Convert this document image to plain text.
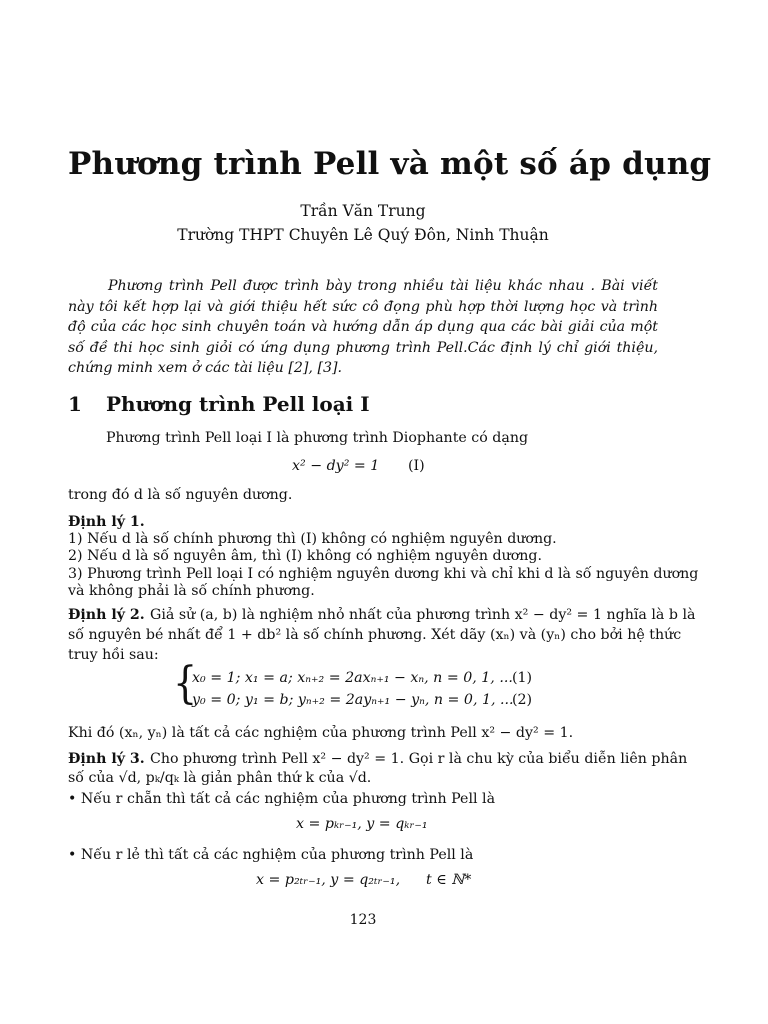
Phương trình Pell và một số áp dụng
Trần Văn Trung
Trường THPT Chuyên Lê Quý Đôn, Ninh Thuận
Phương trình Pell được trình bày trong nhiều tài liệu khác nhau . Bài viết này tôi kết hợp lại và giới thiệu hết sức cô đọng phù hợp thời lượng học và trình độ của các học sinh chuyên toán và hướng dẫn áp dụng qua các bài giải của một số đề thi học sinh giỏi có ứng dụng phương trình Pell.Các định lý chỉ giới thiệu, chứng minh xem ở các tài liệu [2], [3].
1 Phương trình Pell loại I
Phương trình Pell loại I là phương trình Diophante có dạng
x² − dy² = 1 (I)
trong đó d là số nguyên dương.
Định lý 1.
1) Nếu d là số chính phương thì (I) không có nghiệm nguyên dương.
2) Nếu d là số nguyên âm, thì (I) không có nghiệm nguyên dương.
3) Phương trình Pell loại I có nghiệm nguyên dương khi và chỉ khi d là số nguyên dương
và không phải là số chính phương.
Định lý 2. Giả sử (a, b) là nghiệm nhỏ nhất của phương trình x² − dy² = 1 nghĩa là b là
số nguyên bé nhất để 1 + db² là số chính phương. Xét dãy (xₙ) và (yₙ) cho bởi hệ thức
truy hồi sau:
{
x₀ = 1; x₁ = a; xₙ₊₂ = 2axₙ₊₁ − xₙ, n = 0, 1, ... (1)
y₀ = 0; y₁ = b; yₙ₊₂ = 2ayₙ₊₁ − yₙ, n = 0, 1, ...
(2)
Khi đó (xₙ, yₙ) là tất cả các nghiệm của phương trình Pell x² − dy² = 1.
Định lý 3. Cho phương trình Pell x² − dy² = 1. Gọi r là chu kỳ của biểu diễn liên phân
số của √d, pₖ/qₖ là giản phân thứ k của √d.
• Nếu r chẵn thì tất cả các nghiệm của phương trình Pell là
x = pₖᵣ₋₁, y = qₖᵣ₋₁
• Nếu r lẻ thì tất cả các nghiệm của phương trình Pell là
x = p₂ₜᵣ₋₁, y = q₂ₜᵣ₋₁, t ∈ ℕ*
123
